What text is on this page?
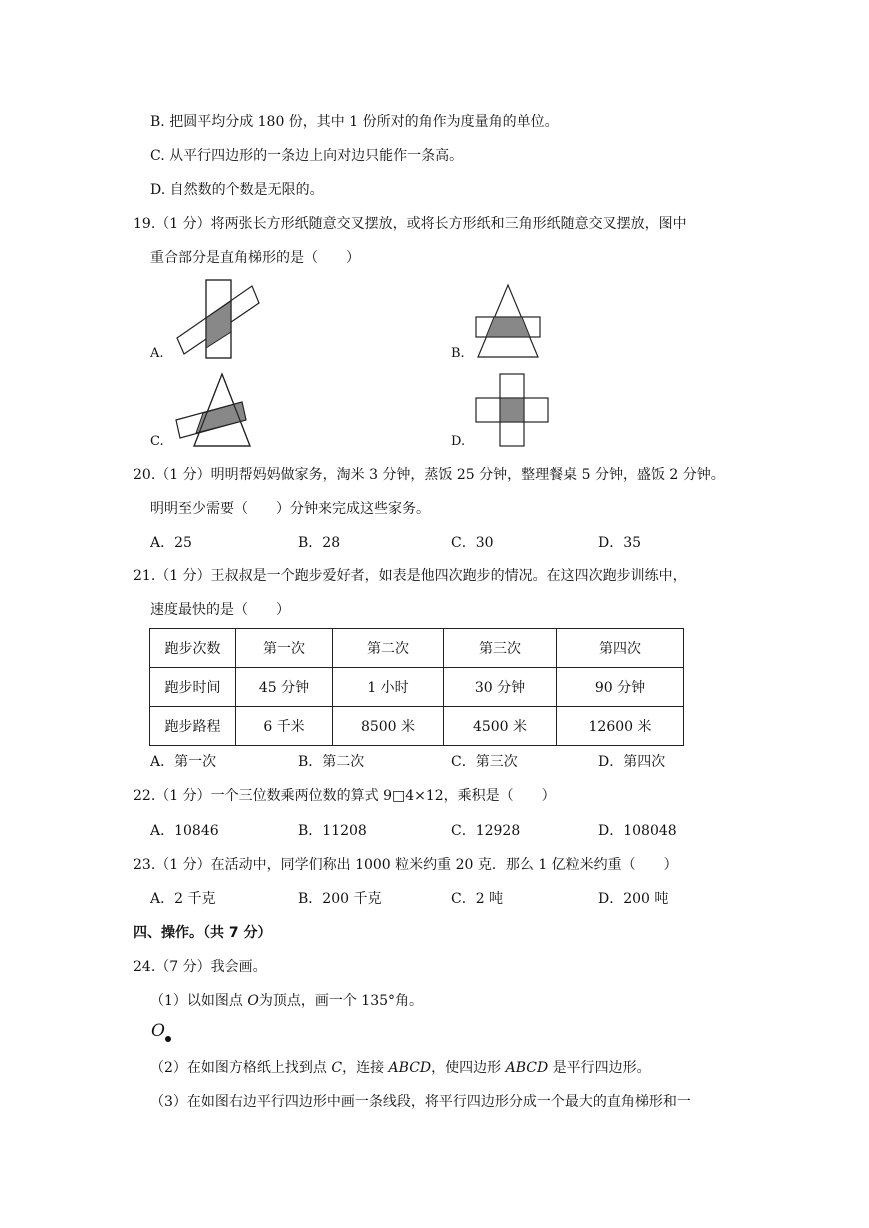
B. 把圆平均分成 180 份，其中 1 份所对的角作为度量角的单位。
C. 从平行四边形的一条边上向对边只能作一条高。
D. 自然数的个数是无限的。
19.（1 分）将两张长方形纸随意交叉摆放，或将长方形纸和三角形纸随意交叉摆放，图中
重合部分是直角梯形的是（　　）
A.	B.
C.	D.
20.（1 分）明明帮妈妈做家务，淘米 3 分钟，蒸饭 25 分钟，整理餐桌 5 分钟，盛饭 2 分钟。
明明至少需要（　　）分钟来完成这些家务。
A．25	B．28	C．30	D．35
21.（1 分）王叔叔是一个跑步爱好者，如表是他四次跑步的情况。在这四次跑步训练中，
速度最快的是（　　）
跑步次数	第一次	第二次	第三次	第四次
跑步时间	45 分钟	1 小时	30 分钟	90 分钟
跑步路程	6 千米	8500 米	4500 米	12600 米
A．第一次	B．第二次	C．第三次	D．第四次
22.（1 分）一个三位数乘两位数的算式 9□4×12，乘积是（　　）
A．10846	B．11208	C．12928	D．108048
23.（1 分）在活动中，同学们称出 1000 粒米约重 20 克．那么 1 亿粒米约重（　　）
A．2 千克	B．200 千克	C．2 吨	D．200 吨
四、操作。（共 7 分）
24.（7 分）我会画。
（1）以如图点 O为顶点，画一个 135°角。
O
（2）在如图方格纸上找到点 C，连接 ABCD，使四边形 ABCD 是平行四边形。
（3）在如图右边平行四边形中画一条线段，将平行四边形分成一个最大的直角梯形和一
